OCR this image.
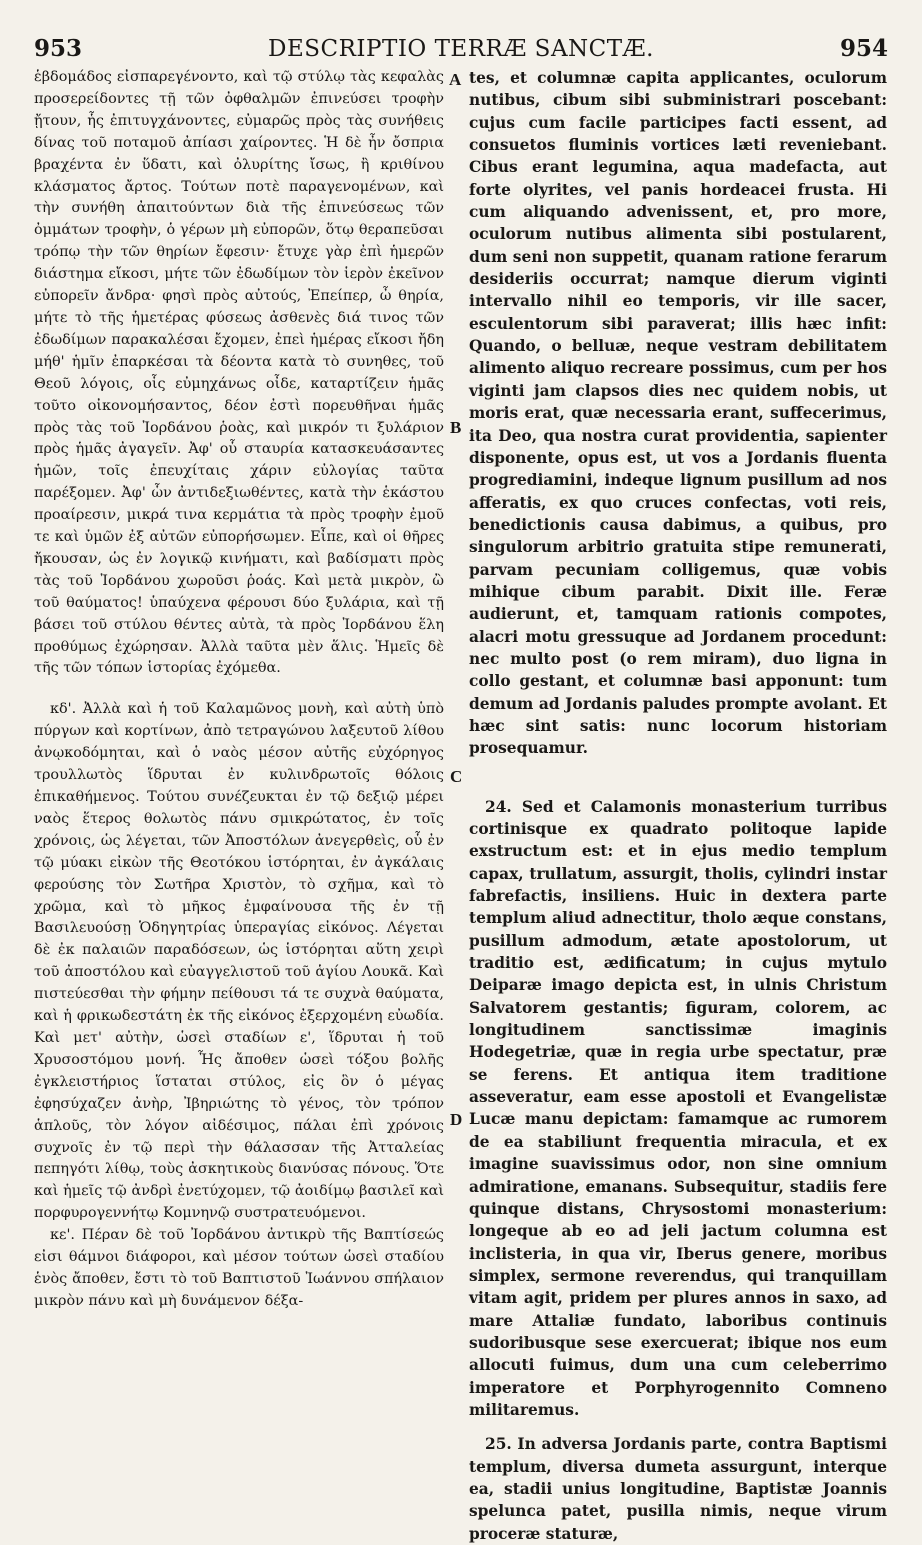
953	DESCRIPTIO TERRÆ SANCTÆ.	954

ἑβδομάδος εἰσπαρεγένοντο, καὶ τῷ στύλῳ τὰς κεφαλὰς προσερείδοντες τῇ τῶν ὀφθαλμῶν ἐπινεύσει τροφὴν ᾔτουν, ἧς ἐπιτυγχάνοντες, εὐμαρῶς πρὸς τὰς συνήθεις δίνας τοῦ ποταμοῦ ἀπίασι χαίροντες. Ἡ δὲ ἦν ὄσπρια βραχέντα ἐν ὕδατι, καὶ ὀλυρίτης ἴσως, ἢ κριθίνου κλάσματος ἄρτος. Τούτων ποτὲ παραγενομένων, καὶ τὴν συνήθη ἀπαιτούντων διὰ τῆς ἐπινεύσεως τῶν ὀμμάτων τροφὴν, ὁ γέρων μὴ εὐπορῶν, ὅτῳ θεραπεῦσαι τρόπῳ τὴν τῶν θηρίων ἔφεσιν· ἔτυχε γὰρ ἐπὶ ἡμερῶν διάστημα εἴκοσι, μήτε τῶν ἐδωδίμων τὸν ἱερὸν ἐκεῖνον εὐπορεῖν ἄνδρα· φησὶ πρὸς αὐτούς, Ἐπείπερ, ὦ θηρία, μήτε τὸ τῆς ἡμετέρας φύσεως ἀσθενὲς διά τινος τῶν ἐδωδίμων παρακαλέσαι ἔχομεν, ἐπεὶ ἡμέρας εἴκοσι ἤδη μήθ' ἡμῖν ἐπαρκέσαι τὰ δέοντα κατὰ τὸ συνηθες, τοῦ Θεοῦ λόγοις, οἷς εὐμηχάνως οἶδε, καταρτίζειν ἡμᾶς τοῦτο οἰκονομήσαντος, δέον ἐστὶ πορευθῆναι ἡμᾶς πρὸς τὰς τοῦ Ἰορδάνου ῥοὰς, καὶ μικρόν τι ξυλάριον πρὸς ἡμᾶς ἀγαγεῖν. Ἀφ' οὗ σταυρία κατασκευάσαντες ἡμῶν, τοῖς ἐπευχίταις χάριν εὐλογίας ταῦτα παρέξομεν. Ἀφ' ὧν ἀντιδεξιωθέντες, κατὰ τὴν ἑκάστου προαίρεσιν, μικρά τινα κερμάτια τὰ πρὸς τροφὴν ἐμοῦ τε καὶ ὑμῶν ἐξ αὐτῶν εὐπορήσωμεν. Εἶπε, καὶ οἱ θῆρες ἤκουσαν, ὡς ἐν λογικῷ κινήματι, καὶ βαδίσματι πρὸς τὰς τοῦ Ἰορδάνου χωροῦσι ῥοάς. Καὶ μετὰ μικρὸν, ὢ τοῦ θαύματος! ὑπαύχενα φέρουσι δύο ξυλάρια, καὶ τῇ βάσει τοῦ στύλου θέντες αὐτὰ, τὰ πρὸς Ἰορδάνου ἕλη προθύμως ἐχώρησαν. Ἀλλὰ ταῦτα μὲν ἅλις. Ἡμεῖς δὲ τῆς τῶν τόπων ἱστορίας ἐχόμεθα.

κδ'. Ἀλλὰ καὶ ἡ τοῦ Καλαμῶνος μονὴ, καὶ αὐτὴ ὑπὸ πύργων καὶ κορτίνων, ἀπὸ τετραγώνου λαξευτοῦ λίθου ἀνῳκοδόμηται, καὶ ὁ ναὸς μέσον αὐτῆς εὐχόρηγος τρουλλωτὸς ἵδρυται ἐν κυλινδρωτοῖς θόλοις ἐπικαθήμενος. Τούτου συνέζευκται ἐν τῷ δεξιῷ μέρει ναὸς ἕτερος θολωτὸς πάνυ σμικρώτατος, ἐν τοῖς χρόνοις, ὡς λέγεται, τῶν Ἀποστόλων ἀνεγερθεὶς, οὗ ἐν τῷ μύακι εἰκὼν τῆς Θεοτόκου ἱστόρηται, ἐν ἀγκάλαις φερούσης τὸν Σωτῆρα Χριστὸν, τὸ σχῆμα, καὶ τὸ χρῶμα, καὶ τὸ μῆκος ἐμφαίνουσα τῆς ἐν τῇ Βασιλευούσῃ Ὁδηγητρίας ὑπεραγίας εἰκόνος. Λέγεται δὲ ἐκ παλαιῶν παραδόσεων, ὡς ἱστόρηται αὕτη χειρὶ τοῦ ἀποστόλου καὶ εὐαγγελιστοῦ τοῦ ἁγίου Λουκᾶ. Καὶ πιστεύεσθαι τὴν φήμην πείθουσι τά τε συχνὰ θαύματα, καὶ ἡ φρικωδεστάτη ἐκ τῆς εἰκόνος ἐξερχομένη εὐωδία. Καὶ μετ' αὐτὴν, ὡσεὶ σταδίων ε', ἵδρυται ἡ τοῦ Χρυσοστόμου μονή. Ἧς ἄποθεν ὡσεὶ τόξου βολῆς ἐγκλειστήριος ἵσταται στύλος, εἰς ὃν ὁ μέγας ἐφησύχαζεν ἀνὴρ, Ἰβηριώτης τὸ γένος, τὸν τρόπον ἁπλοῦς, τὸν λόγον αἰδέσιμος, πάλαι ἐπὶ χρόνοις συχνοῖς ἐν τῷ περὶ τὴν θάλασσαν τῆς Ἀτταλείας πεπηγότι λίθῳ, τοὺς ἀσκητικοὺς διανύσας πόνους. Ὅτε καὶ ἡμεῖς τῷ ἀνδρὶ ἐνετύχομεν, τῷ ἀοιδίμῳ βασιλεῖ καὶ πορφυρογεννήτῳ Κομνηνῷ συστρατευόμενοι.

κε'. Πέραν δὲ τοῦ Ἰορδάνου ἀντικρὺ τῆς Βαπτίσεώς εἰσι θάμνοι διάφοροι, καὶ μέσον τούτων ὡσεὶ σταδίου ἑνὸς ἄποθεν, ἔστι τὸ τοῦ Βαπτιστοῦ Ἰωάννου σπήλαιον μικρὸν πάνυ καὶ μὴ δυνάμενον δέξα-

tes, et columnæ capita applicantes, oculorum nutibus, cibum sibi subministrari poscebant: cujus cum facile participes facti essent, ad consuetos fluminis vortices læti reveniebant. Cibus erant legumina, aqua madefacta, aut forte olyrites, vel panis hordeacei frusta. Hi cum aliquando advenissent, et, pro more, oculorum nutibus alimenta sibi postularent, dum seni non suppetit, quanam ratione ferarum desideriis occurrat; namque dierum viginti intervallo nihil eo temporis, vir ille sacer, esculentorum sibi paraverat; illis hæc infit: Quando, o belluæ, neque vestram debilitatem alimento aliquo recreare possimus, cum per hos viginti jam clapsos dies nec quidem nobis, ut moris erat, quæ necessaria erant, suffecerimus, ita Deo, qua nostra curat providentia, sapienter disponente, opus est, ut vos a Jordanis fluenta progrediamini, indeque lignum pusillum ad nos afferatis, ex quo cruces confectas, voti reis, benedictionis causa dabimus, a quibus, pro singulorum arbitrio gratuita stipe remunerati, parvam pecuniam colligemus, quæ vobis mihique cibum parabit. Dixit ille. Feræ audierunt, et, tamquam rationis compotes, alacri motu gressuque ad Jordanem procedunt: nec multo post (o rem miram), duo ligna in collo gestant, et columnæ basi apponunt: tum demum ad Jordanis paludes prompte avolant. Et hæc sint satis: nunc locorum historiam prosequamur.

24. Sed et Calamonis monasterium turribus cortinisque ex quadrato politoque lapide exstructum est: et in ejus medio templum capax, trullatum, assurgit, tholis, cylindri instar fabrefactis, insiliens. Huic in dextera parte templum aliud adnectitur, tholo æque constans, pusillum admodum, ætate apostolorum, ut traditio est, ædificatum; in cujus mytulo Deiparæ imago depicta est, in ulnis Christum Salvatorem gestantis; figuram, colorem, ac longitudinem sanctissimæ imaginis Hodegetriæ, quæ in regia urbe spectatur, præ se ferens. Et antiqua item traditione asseveratur, eam esse apostoli et Evangelistæ Lucæ manu depictam: famamque ac rumorem de ea stabiliunt frequentia miracula, et ex imagine suavissimus odor, non sine omnium admiratione, emanans. Subsequitur, stadiis fere quinque distans, Chrysostomi monasterium: longeque ab eo ad jeli jactum columna est inclisteria, in qua vir, Iberus genere, moribus simplex, sermone reverendus, qui tranquillam vitam agit, pridem per plures annos in saxo, ad mare Attaliæ fundato, laboribus continuis sudoribusque sese exercuerat; ibique nos eum allocuti fuimus, dum una cum celeberrimo imperatore et Porphyrogennito Comneno militaremus.

25. In adversa Jordanis parte, contra Baptismi templum, diversa dumeta assurgunt, interque ea, stadii unius longitudine, Baptistæ Joannis spelunca patet, pusilla nimis, neque virum proceræ staturæ,

A
B
C
D
